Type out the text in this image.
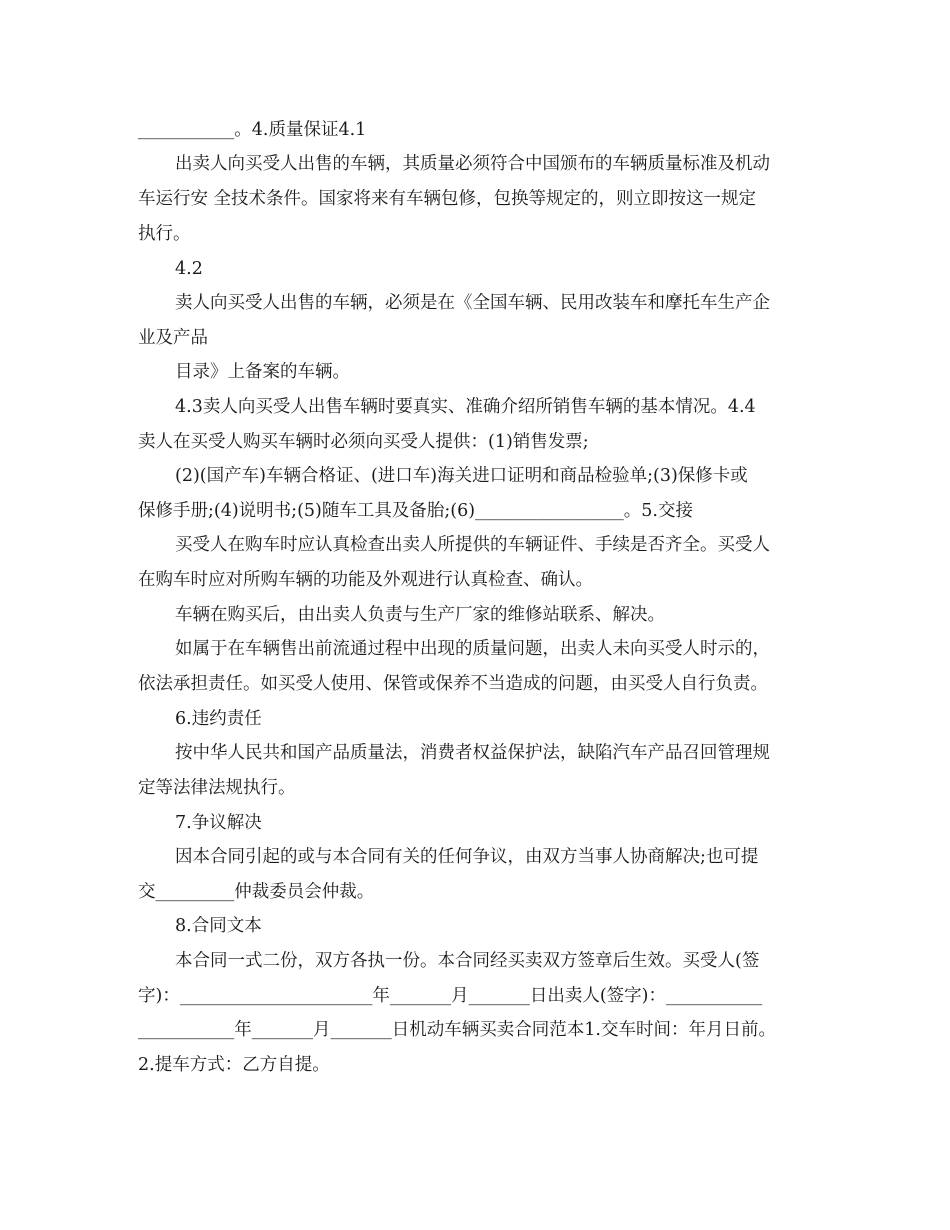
___________。4.质量保证4.1
出卖人向买受人出售的车辆，其质量必须符合中国颁布的车辆质量标准及机动
车运行安 全技术条件。国家将来有车辆包修，包换等规定的，则立即按这一规定
执行。
4.2
卖人向买受人出售的车辆，必须是在《全国车辆、民用改装车和摩托车生产企
业及产品
目录》上备案的车辆。
4.3卖人向买受人出售车辆时要真实、准确介绍所销售车辆的基本情况。4.4
卖人在买受人购买车辆时必须向买受人提供：(1)销售发票;
(2)(国产车)车辆合格证、(进口车)海关进口证明和商品检验单;(3)保修卡或
保修手册;(4)说明书;(5)随车工具及备胎;(6)_________________。5.交接
买受人在购车时应认真检查出卖人所提供的车辆证件、手续是否齐全。买受人
在购车时应对所购车辆的功能及外观进行认真检查、确认。
车辆在购买后，由出卖人负责与生产厂家的维修站联系、解决。
如属于在车辆售出前流通过程中出现的质量问题，出卖人未向买受人时示的，
依法承担责任。如买受人使用、保管或保养不当造成的问题，由买受人自行负责。
6.违约责任
按中华人民共和国产品质量法，消费者权益保护法，缺陷汽车产品召回管理规
定等法律法规执行。
7.争议解决
因本合同引起的或与本合同有关的任何争议，由双方当事人协商解决;也可提
交_________仲裁委员会仲裁。
8.合同文本
本合同一式二份，双方各执一份。本合同经买卖双方签章后生效。买受人(签
字)：______________________年_______月_______日出卖人(签字)：___________
___________年_______月_______日机动车辆买卖合同范本1.交车时间：年月日前。
2.提车方式：乙方自提。
